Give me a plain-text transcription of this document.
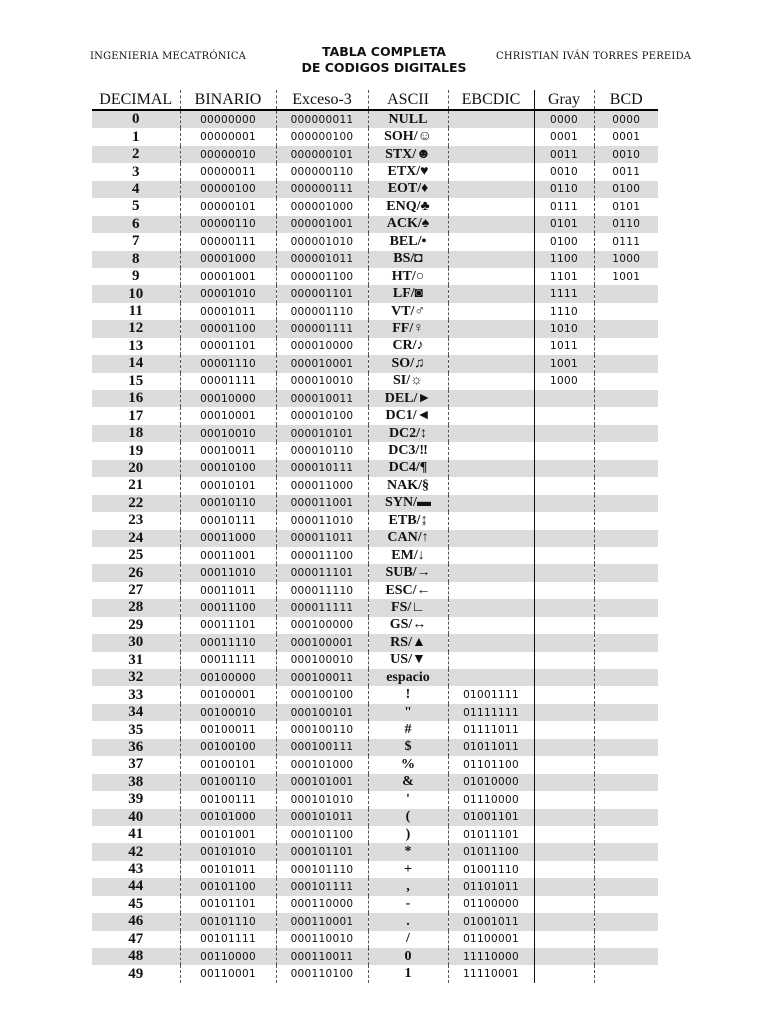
INGENIERIA MECATRÓNICA	TABLA COMPLETA
DE CODIGOS DIGITALES
CHRISTIAN IVÁN TORRES PEREIDA
DECIMAL	BINARIO	Exceso-3	ASCII	EBCDIC	Gray	BCD
0	00000000	000000011	NULL		0000	0000
1	00000001	000000100	SOH/☺		0001	0001
2	00000010	000000101	STX/☻		0011	0010
3	00000011	000000110	ETX/♥		0010	0011
4	00000100	000000111	EOT/♦		0110	0100
5	00000101	000001000	ENQ/♣		0111	0101
6	00000110	000001001	ACK/♠		0101	0110
7	00000111	000001010	BEL/•		0100	0111
8	00001000	000001011	BS/◘		1100	1000
9	00001001	000001100	HT/○		1101	1001
10	00001010	000001101	LF/◙		1111	
11	00001011	000001110	VT/♂		1110	
12	00001100	000001111	FF/♀		1010	
13	00001101	000010000	CR/♪		1011	
14	00001110	000010001	SO/♫		1001	
15	00001111	000010010	SI/☼		1000	
16	00010000	000010011	DEL/►			
17	00010001	000010100	DC1/◄			
18	00010010	000010101	DC2/↕			
19	00010011	000010110	DC3/‼			
20	00010100	000010111	DC4/¶			
21	00010101	000011000	NAK/§			
22	00010110	000011001	SYN/▬			
23	00010111	000011010	ETB/↨			
24	00011000	000011011	CAN/↑			
25	00011001	000011100	EM/↓			
26	00011010	000011101	SUB/→			
27	00011011	000011110	ESC/←			
28	00011100	000011111	FS/∟			
29	00011101	000100000	GS/↔			
30	00011110	000100001	RS/▲			
31	00011111	000100010	US/▼			
32	00100000	000100011	espacio			
33	00100001	000100100	!	01001111		
34	00100010	000100101	"	01111111		
35	00100011	000100110	#	01111011		
36	00100100	000100111	$	01011011		
37	00100101	000101000	%	01101100		
38	00100110	000101001	&	01010000		
39	00100111	000101010	'	01110000		
40	00101000	000101011	(	01001101		
41	00101001	000101100	)	01011101		
42	00101010	000101101	*	01011100		
43	00101011	000101110	+	01001110		
44	00101100	000101111	,	01101011		
45	00101101	000110000	-	01100000		
46	00101110	000110001	.	01001011		
47	00101111	000110010	/	01100001		
48	00110000	000110011	0	11110000		
49	00110001	000110100	1	11110001		
